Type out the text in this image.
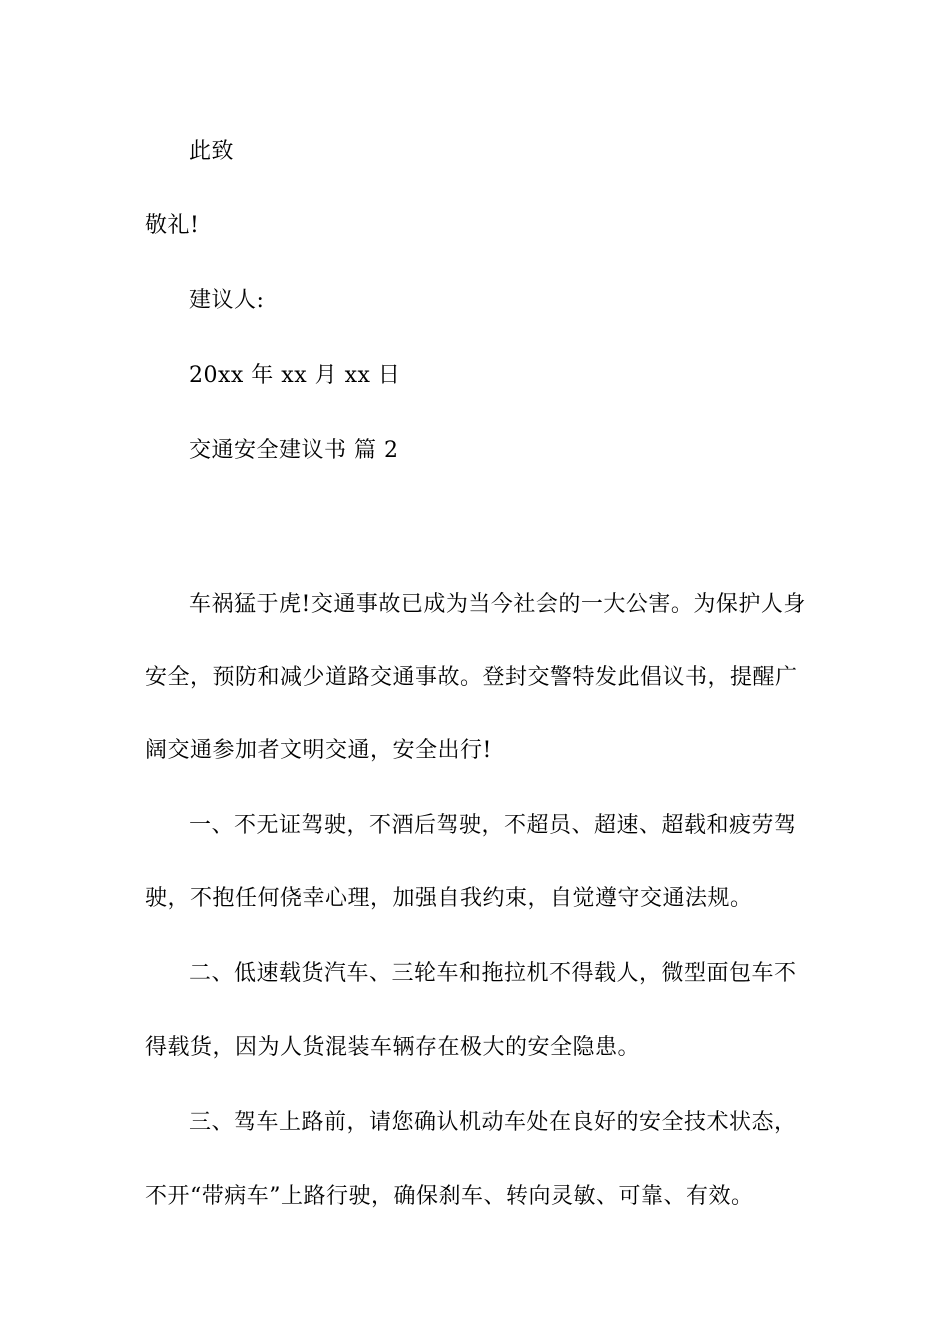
此致
敬礼!
建议人:
20xx 年 xx 月 xx 日
交通安全建议书 篇 2
车祸猛于虎!交通事故已成为当今社会的一大公害。为保护人身
安全，预防和减少道路交通事故。登封交警特发此倡议书，提醒广
阔交通参加者文明交通，安全出行!
一、不无证驾驶，不酒后驾驶，不超员、超速、超载和疲劳驾
驶，不抱任何侥幸心理，加强自我约束，自觉遵守交通法规。
二、低速载货汽车、三轮车和拖拉机不得载人，微型面包车不
得载货，因为人货混装车辆存在极大的安全隐患。
三、驾车上路前，请您确认机动车处在良好的安全技术状态，
不开“带病车”上路行驶，确保刹车、转向灵敏、可靠、有效。
